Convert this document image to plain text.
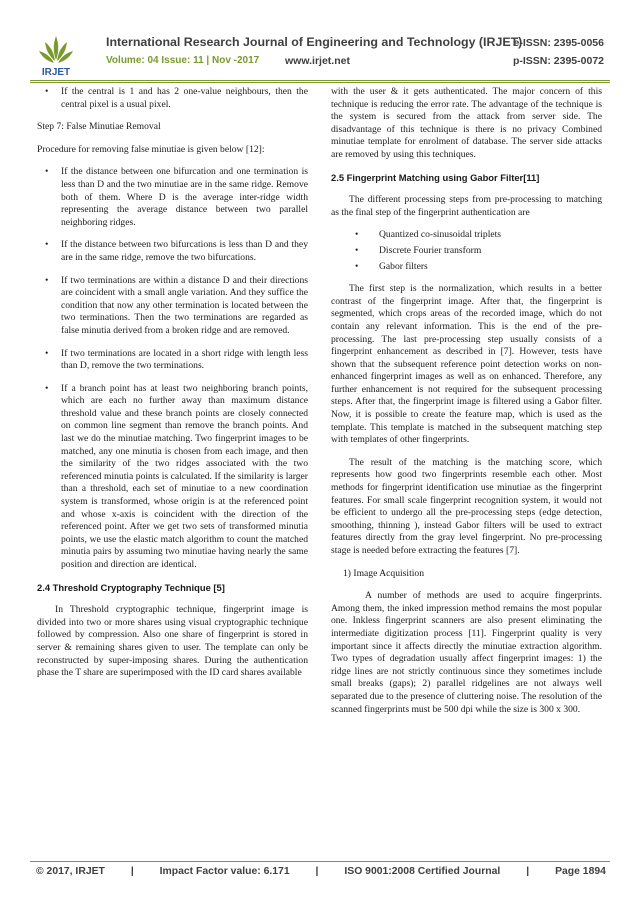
IRJET
International Research Journal of Engineering and Technology (IRJET)
e-ISSN: 2395-0056
Volume: 04 Issue: 11 | Nov -2017 www.irjet.net	p-ISSN: 2395-0072
• If the central is 1 and has 2 one-value neighbours, then the central pixel is a usual pixel.

Step 7: False Minutiae Removal

Procedure for removing false minutiae is given below [12]:

• If the distance between one bifurcation and one termination is less than D and the two minutiae are in the same ridge. Remove both of them. Where D is the average inter-ridge width representing the average distance between two parallel neighboring ridges.
• If the distance between two bifurcations is less than D and they are in the same ridge, remove the two bifurcations.
• If two terminations are within a distance D and their directions are coincident with a small angle variation. And they suffice the condition that now any other termination is located between the two terminations. Then the two terminations are regarded as false minutia derived from a broken ridge and are removed.
• If two terminations are located in a short ridge with length less than D, remove the two terminations.
• If a branch point has at least two neighboring branch points, which are each no further away than maximum distance threshold value and these branch points are closely connected on common line segment than remove the branch points. And last we do the minutiae matching. Two fingerprint images to be matched, any one minutia is chosen from each image, and then the similarity of the two ridges associated with the two referenced minutia points is calculated. If the similarity is larger than a threshold, each set of minutiae to a new coordination system is transformed, whose origin is at the referenced point and whose x-axis is coincident with the direction of the referenced point. After we get two sets of transformed minutia points, we use the elastic match algorithm to count the matched minutia pairs by assuming two minutiae having nearly the same position and direction are identical.
2.4 Threshold Cryptography Technique [5]

In Threshold cryptographic technique, fingerprint image is divided into two or more shares using visual cryptographic technique followed by compression. Also one share of fingerprint is stored in server & remaining shares given to user. The template can only be reconstructed by super-imposing shares. During the authentication phase the T share are superimposed with the ID card shares available

with the user & it gets authenticated. The major concern of this technique is reducing the error rate. The advantage of the technique is the system is secured from the attack from server side. The disadvantage of this technique is there is no privacy Combined minutiae template for enrolment of database. The server side attacks are removed by using this techniques.

2.5 Fingerprint Matching using Gabor Filter[11]

The different processing steps from pre-processing to matching as the final step of the fingerprint authentication are

• Quantized co-sinusoidal triplets
• Discrete Fourier transform
• Gabor filters

The first step is the normalization, which results in a better contrast of the fingerprint image. After that, the fingerprint is segmented, which crops areas of the recorded image, which do not contain any relevant information. This is the end of the pre-processing. The last pre-processing step usually consists of a fingerprint enhancement as described in [7]. However, tests have shown that the subsequent reference point detection works on non-enhanced fingerprint images as well as on enhanced. Therefore, any further enhancement is not required for the subsequent processing steps. After that, the fingerprint image is filtered using a Gabor filter. Now, it is possible to create the feature map, which is used as the template. This template is matched in the subsequent matching step with templates of other fingerprints.

The result of the matching is the matching score, which represents how good two fingerprints resemble each other. Most methods for fingerprint identification use minutiae as the fingerprint features. For small scale fingerprint recognition system, it would not be efficient to undergo all the pre-processing steps (edge detection, smoothing, thinning ), instead Gabor filters will be used to extract features directly from the gray level fingerprint. No pre-processing stage is needed before extracting the features [7].

1) Image Acquisition

A number of methods are used to acquire fingerprints. Among them, the inked impression method remains the most popular one. Inkless fingerprint scanners are also present eliminating the intermediate digitization process [11]. Fingerprint quality is very important since it affects directly the minutiae extraction algorithm. Two types of degradation usually affect fingerprint images: 1) the ridge lines are not strictly continuous since they sometimes include small breaks (gaps); 2) parallel ridgelines are not always well separated due to the presence of cluttering noise. The resolution of the scanned fingerprints must be 500 dpi while the size is 300 x 300.

© 2017, IRJET | Impact Factor value: 6.171 | ISO 9001:2008 Certified Journal | Page 1894
